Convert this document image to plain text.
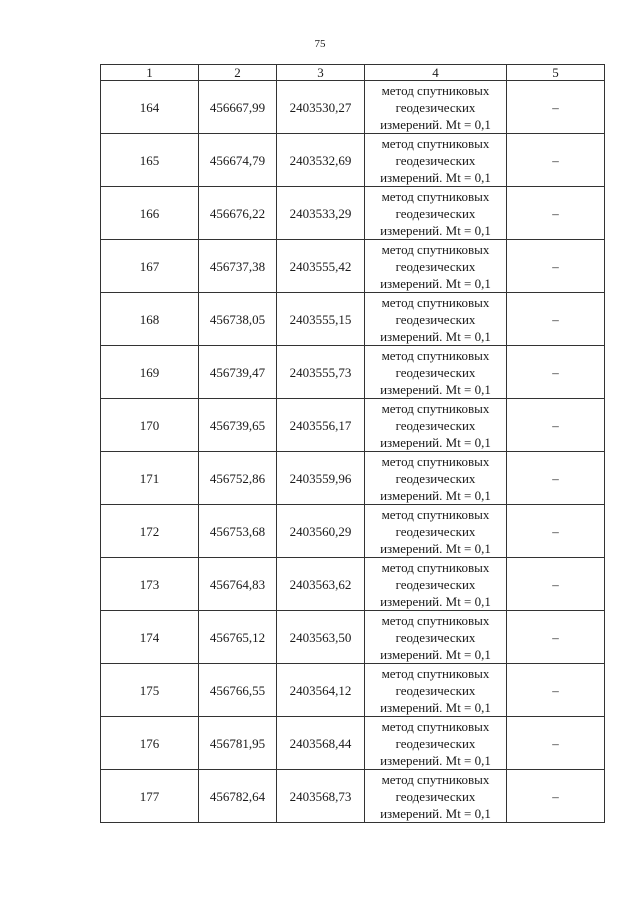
75
1	2	3	4	5
164	456667,99	2403530,27	метод спутниковых
геодезических
измерений. Mt = 0,1	–
165	456674,79	2403532,69	метод спутниковых
геодезических
измерений. Mt = 0,1	–
166	456676,22	2403533,29	метод спутниковых
геодезических
измерений. Mt = 0,1	–
167	456737,38	2403555,42	метод спутниковых
геодезических
измерений. Mt = 0,1	–
168	456738,05	2403555,15	метод спутниковых
геодезических
измерений. Mt = 0,1	–
169	456739,47	2403555,73	метод спутниковых
геодезических
измерений. Mt = 0,1	–
170	456739,65	2403556,17	метод спутниковых
геодезических
измерений. Mt = 0,1	–
171	456752,86	2403559,96	метод спутниковых
геодезических
измерений. Mt = 0,1	–
172	456753,68	2403560,29	метод спутниковых
геодезических
измерений. Mt = 0,1	–
173	456764,83	2403563,62	метод спутниковых
геодезических
измерений. Mt = 0,1	–
174	456765,12	2403563,50	метод спутниковых
геодезических
измерений. Mt = 0,1	–
175	456766,55	2403564,12	метод спутниковых
геодезических
измерений. Mt = 0,1	–
176	456781,95	2403568,44	метод спутниковых
геодезических
измерений. Mt = 0,1	–
177	456782,64	2403568,73	метод спутниковых
геодезических
измерений. Mt = 0,1	–
